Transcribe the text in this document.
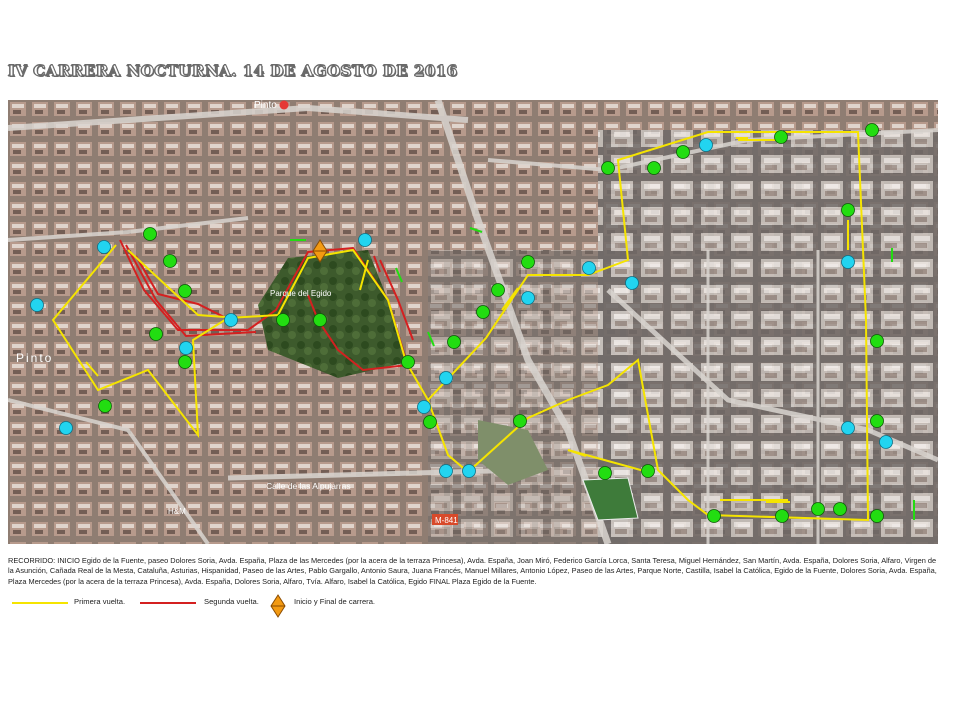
IV CARRERA NOCTURNA. 14 DE AGOSTO DE 2016
Pinto
Pinto
Parque del Egido
Calle de las Alpujarras
M-841
H&M
RECORRIDO: INICIO Egido de la Fuente, paseo Dolores Soria, Avda. España, Plaza de las Mercedes (por la acera de la terraza Princesa), Avda. España, Joan Miró, Federico García Lorca, Santa Teresa, Miguel Hernández, San Martín, Avda. España, Dolores Soria, Alfaro, Virgen de la Asunción, Cañada Real de la Mesta, Cataluña, Asturias, Hispanidad, Paseo de las Artes, Pablo Gargallo, Antonio Saura, Juana Francés, Manuel Millares, Antonio López, Paseo de las Artes, Parque Norte, Castilla, Isabel la Católica, Egido de la Fuente, Dolores Soria, Avda. España, Plaza Mercedes (por la acera de la terraza Princesa), Avda. España, Dolores Soria, Alfaro, Tvía. Alfaro, Isabel la Católica, Egido FINAL Plaza Egido de la Fuente.
Primera vuelta.	Segunda vuelta.	Inicio y Final de carrera.
